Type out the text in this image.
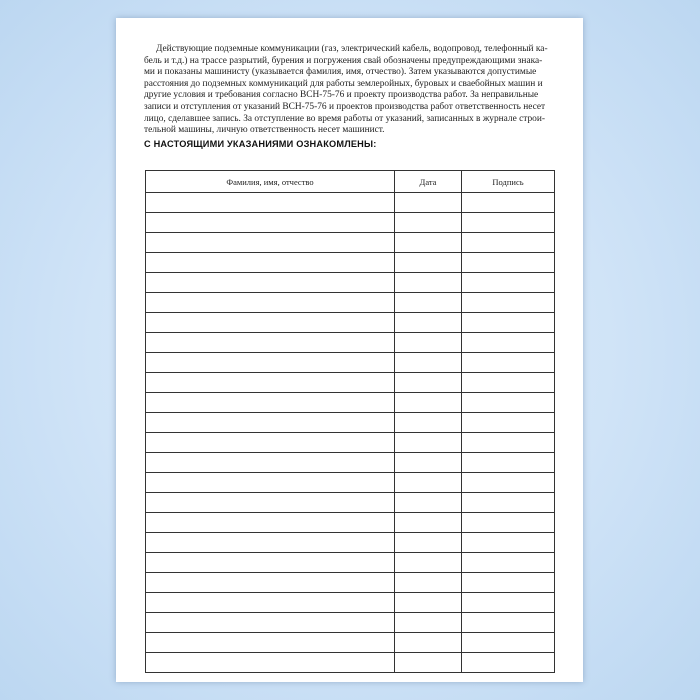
Действующие подземные коммуникации (газ, электрический кабель, водопровод, телефонный ка-
бель и т.д.) на трассе разрытий, бурения и погружения свай обозначены предупреждающими знака-
ми и показаны машинисту (указывается фамилия, имя, отчество). Затем указываются допустимые
расстояния до подземных коммуникаций для работы землеройных, буровых и сваебойных машин и
другие условия и требования согласно ВСН-75-76 и проекту производства работ. За неправильные
записи и отступления от указаний ВСН-75-76 и проектов производства работ ответственность несет
лицо, сделавшее запись. За отступление во время работы от указаний, записанных в журнале строи-
тельной машины, личную ответственность несет машинист.

С НАСТОЯЩИМИ УКАЗАНИЯМИ ОЗНАКОМЛЕНЫ:
Фамилия, имя, отчество	Дата	Подпись
